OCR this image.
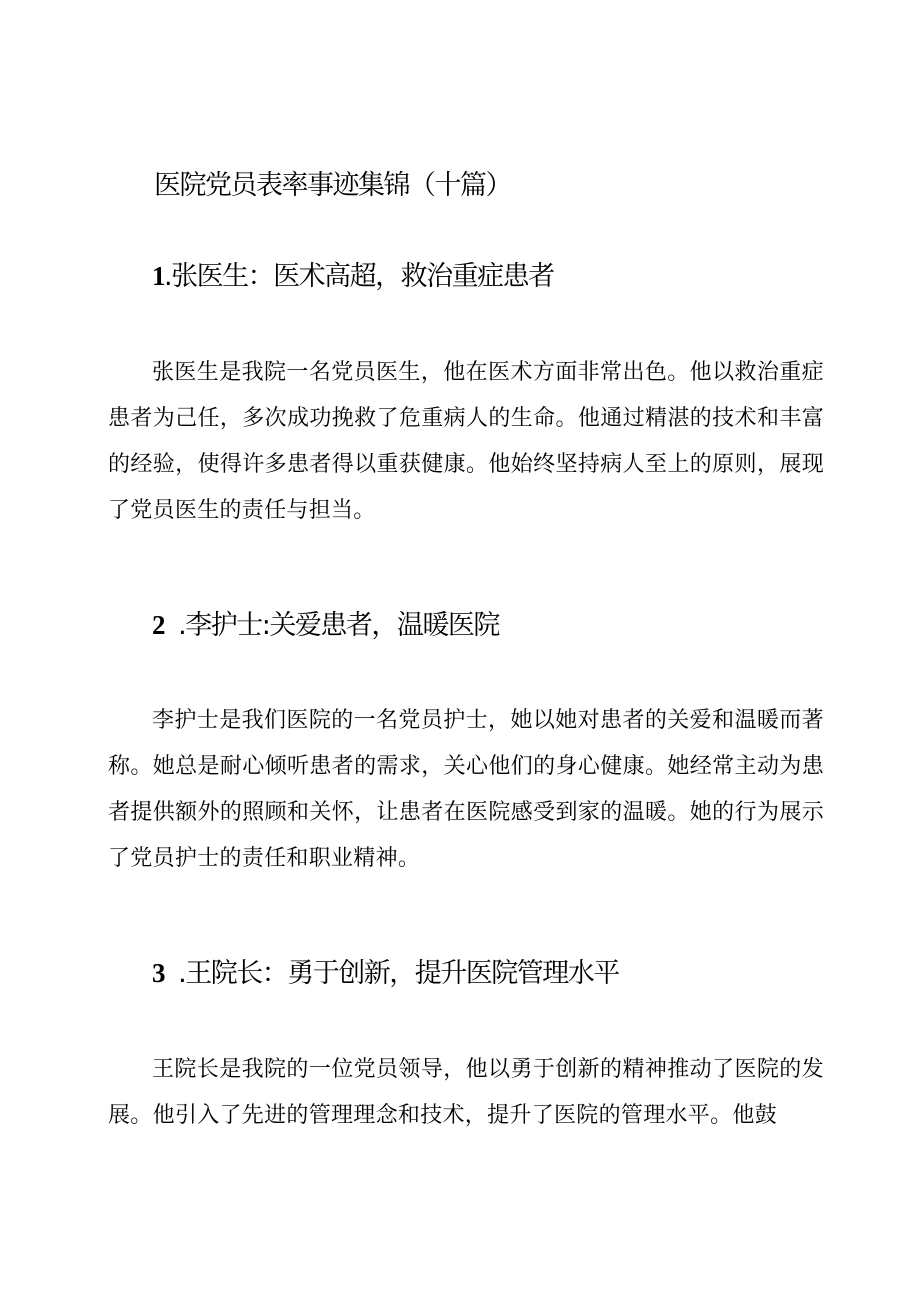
医院党员表率事迹集锦（十篇）
1.张医生：医术高超，救治重症患者

张医生是我院一名党员医生，他在医术方面非常出色。他以救治重症患者为己任，多次成功挽救了危重病人的生命。他通过精湛的技术和丰富的经验，使得许多患者得以重获健康。他始终坚持病人至上的原则，展现了党员医生的责任与担当。

2  .李护士:关爱患者，温暖医院

李护士是我们医院的一名党员护士，她以她对患者的关爱和温暖而著称。她总是耐心倾听患者的需求，关心他们的身心健康。她经常主动为患者提供额外的照顾和关怀，让患者在医院感受到家的温暖。她的行为展示了党员护士的责任和职业精神。

3  .王院长：勇于创新，提升医院管理水平

王院长是我院的一位党员领导，他以勇于创新的精神推动了医院的发展。他引入了先进的管理理念和技术，提升了医院的管理水平。他鼓
